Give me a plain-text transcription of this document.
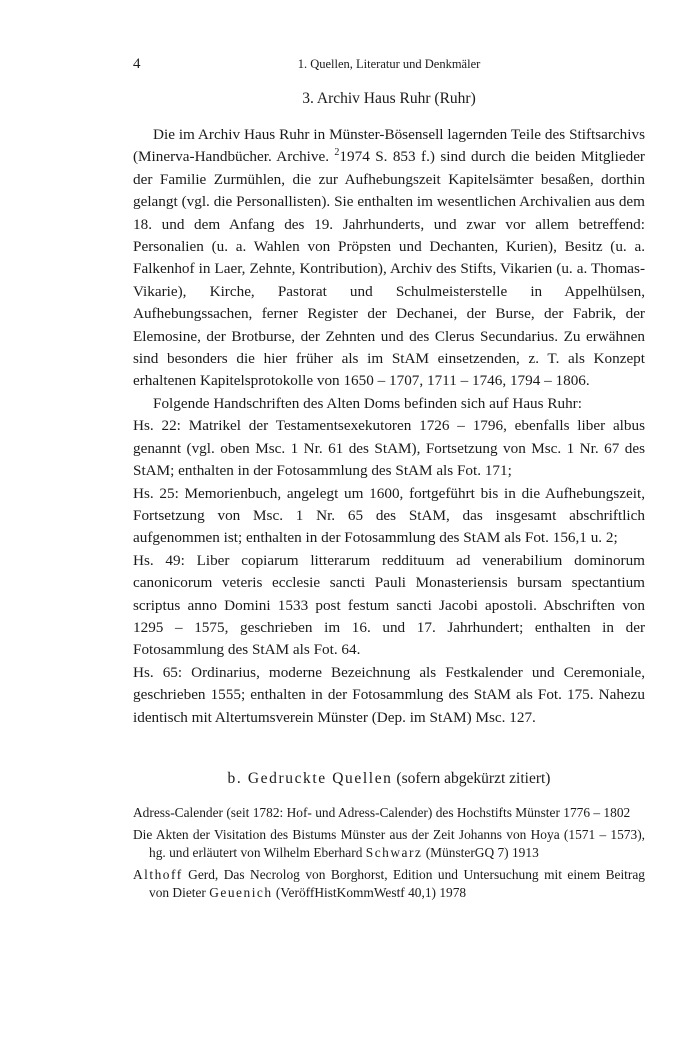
4	1. Quellen, Literatur und Denkmäler
3. Archiv Haus Ruhr (Ruhr)

Die im Archiv Haus Ruhr in Münster-Bösensell lagernden Teile des Stiftsarchivs (Minerva-Handbücher. Archive. $^2$1974 S. 853 f.) sind durch die beiden Mitglieder der Familie Zurmühlen, die zur Aufhebungszeit Kapitelsämter besaßen, dorthin gelangt (vgl. die Personallisten). Sie enthalten im wesentlichen Archivalien aus dem 18. und dem Anfang des 19. Jahrhunderts, und zwar vor allem betreffend: Personalien (u. a. Wahlen von Pröpsten und Dechanten, Kurien), Besitz (u. a. Falkenhof in Laer, Zehnte, Kontribution), Archiv des Stifts, Vikarien (u. a. Thomas-Vikarie), Kirche, Pastorat und Schulmeisterstelle in Appelhülsen, Aufhebungssachen, ferner Register der Dechanei, der Burse, der Fabrik, der Elemosine, der Brotburse, der Zehnten und des Clerus Secundarius. Zu erwähnen sind besonders die hier früher als im StAM einsetzenden, z. T. als Konzept erhaltenen Kapitelsprotokolle von 1650 – 1707, 1711 – 1746, 1794 – 1806.

Folgende Handschriften des Alten Doms befinden sich auf Haus Ruhr:

Hs. 22: Matrikel der Testamentsexekutoren 1726 – 1796, ebenfalls liber albus genannt (vgl. oben Msc. 1 Nr. 61 des StAM), Fortsetzung von Msc. 1 Nr. 67 des StAM; enthalten in der Fotosammlung des StAM als Fot. 171;

Hs. 25: Memorienbuch, angelegt um 1600, fortgeführt bis in die Aufhebungszeit, Fortsetzung von Msc. 1 Nr. 65 des StAM, das insgesamt abschriftlich aufgenommen ist; enthalten in der Fotosammlung des StAM als Fot. 156,1 u. 2;

Hs. 49: Liber copiarum litterarum reddituum ad venerabilium dominorum canonicorum veteris ecclesie sancti Pauli Monasteriensis bursam spectantium scriptus anno Domini 1533 post festum sancti Jacobi apostoli. Abschriften von 1295 – 1575, geschrieben im 16. und 17. Jahrhundert; enthalten in der Fotosammlung des StAM als Fot. 64.

Hs. 65: Ordinarius, moderne Bezeichnung als Festkalender und Ceremoniale, geschrieben 1555; enthalten in der Fotosammlung des StAM als Fot. 175. Nahezu identisch mit Altertumsverein Münster (Dep. im StAM) Msc. 127.

b. Gedruckte Quellen (sofern abgekürzt zitiert)

Adress-Calender (seit 1782: Hof- und Adress-Calender) des Hochstifts Münster 1776 – 1802

Die Akten der Visitation des Bistums Münster aus der Zeit Johanns von Hoya (1571 – 1573), hg. und erläutert von Wilhelm Eberhard Schwarz (MünsterGQ 7) 1913

Althoff Gerd, Das Necrolog von Borghorst, Edition und Untersuchung mit einem Beitrag von Dieter Geuenich (VeröffHistKommWestf 40,1) 1978
